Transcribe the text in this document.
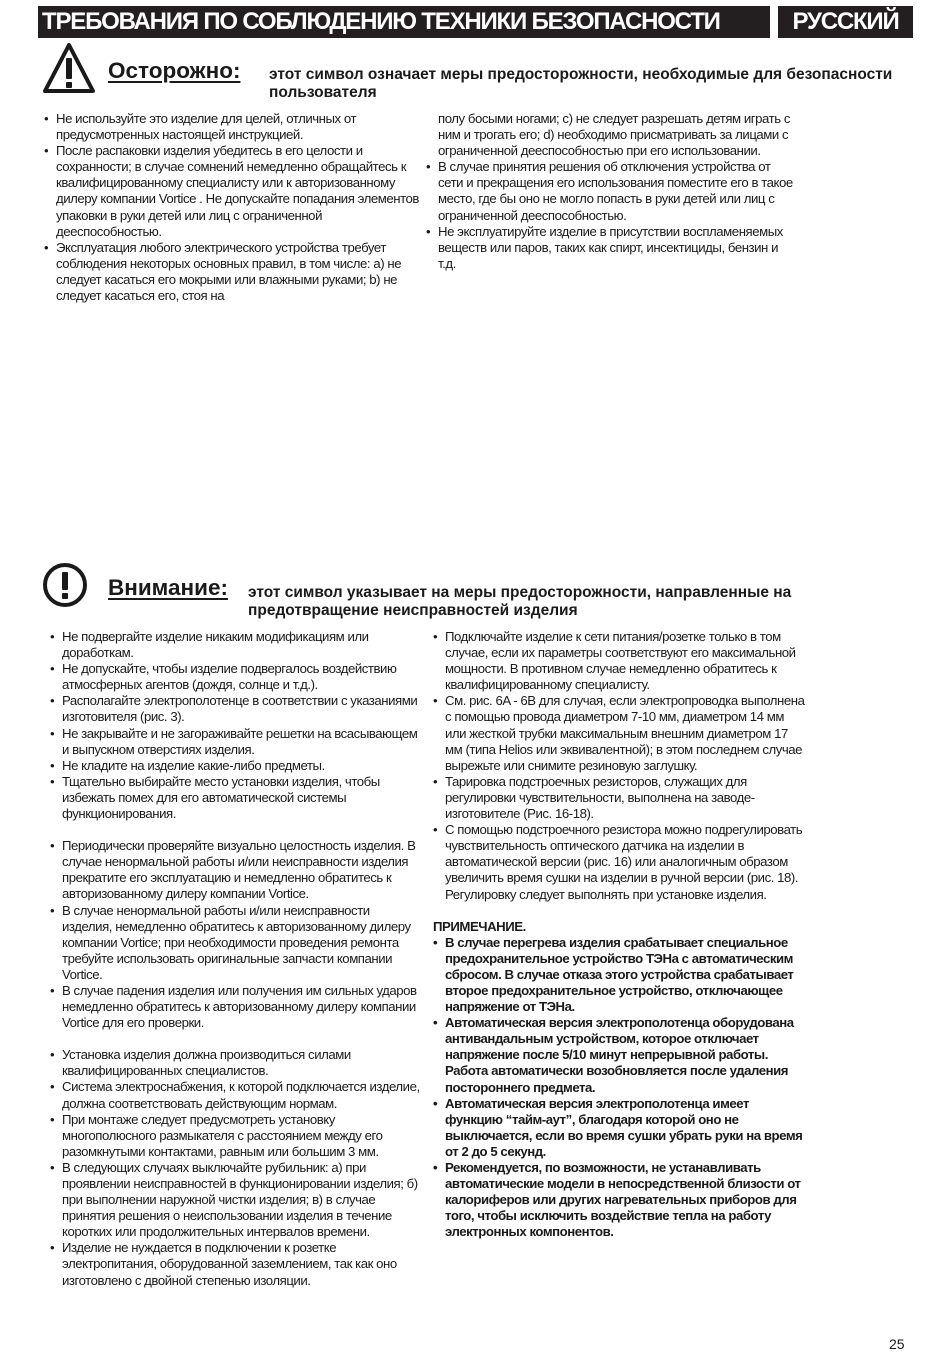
ТРЕБОВАНИЯ ПО СОБЛЮДЕНИЮ ТЕХНИКИ БЕЗОПАСНОСТИ	РУССКИЙ
Осторожно: этот символ означает меры предосторожности, необходимые для безопасности пользователя
• Не используйте это изделие для целей, отличных от предусмотренных настоящей инструкцией.
• После распаковки изделия убедитесь в его целости и сохранности; в случае сомнений немедленно обращайтесь к квалифицированному специалисту или к авторизованному дилеру компании Vortice . Не допускайте попадания элементов упаковки в руки детей или лиц с ограниченной дееспособностью.
• Эксплуатация любого электрического устройства требует соблюдения некоторых основных правил, в том числе: a) не следует касаться его мокрыми или влажными руками; b) не следует касаться его, стоя на
полу босыми ногами; c) не следует разрешать детям играть с ним и трогать его; d) необходимо присматривать за лицами с ограниченной дееспособностью при его использовании.
• В случае принятия решения об отключения устройства от сети и прекращения его использования поместите его в такое место, где бы оно не могло попасть в руки детей или лиц с ограниченной дееспособностью.
• Не эксплуатируйте изделие в присутствии воспламеняемых веществ или паров, таких как спирт, инсектициды, бензин и т.д.
Внимание: этот символ указывает на меры предосторожности, направленные на предотвращение неисправностей изделия
• Не подвергайте изделие никаким модификациям или доработкам.
• Не допускайте, чтобы изделие подвергалось воздействию атмосферных агентов (дождя, солнце и т.д.).
• Располагайте электрополотенце в соответствии с указаниями изготовителя (рис. 3).
• Не закрывайте и не загораживайте решетки на всасывающем и выпускном отверстиях изделия.
• Не кладите на изделие какие-либо предметы.
• Тщательно выбирайте место установки изделия, чтобы избежать помех для его автоматической системы функционирования.
• Периодически проверяйте визуально целостность изделия. В случае ненормальной работы и/или неисправности изделия прекратите его эксплуатацию и немедленно обратитесь к авторизованному дилеру компании Vortice.
• В случае ненормальной работы и/или неисправности изделия, немедленно обратитесь к авторизованному дилеру компании Vortice; при необходимости проведения ремонта требуйте использовать оригинальные запчасти компании Vortice.
• В случае падения изделия или получения им сильных ударов немедленно обратитесь к авторизованному дилеру компании Vortice для его проверки.
• Установка изделия должна производиться силами квалифицированных специалистов.
• Система электроснабжения, к которой подключается изделие, должна соответствовать действующим нормам.
• При монтаже следует предусмотреть установку многополюсного размыкателя с расстоянием между его разомкнутыми контактами, равным или большим 3 мм.
• В следующих случаях выключайте рубильник: a) при проявлении неисправностей в функционировании изделия; б) при выполнении наружной чистки изделия; в) в случае принятия решения о неиспользовании изделия в течение коротких или продолжительных интервалов времени.
• Изделие не нуждается в подключении к розетке электропитания, оборудованной заземлением, так как оно изготовлено с двойной степенью изоляции.
• Подключайте изделие к сети питания/розетке только в том случае, если их параметры соответствуют его максимальной мощности. В противном случае немедленно обратитесь к квалифицированному специалисту.
• См. рис. 6A - 6B для случая, если электропроводка выполнена с помощью провода диаметром 7-10 мм, диаметром 14 мм или жесткой трубки максимальным внешним диаметром 17 мм (типа Helios или эквивалентной); в этом последнем случае вырежьте или снимите резиновую заглушку.
• Тарировка подстроечных резисторов, служащих для регулировки чувствительности, выполнена на заводе-изготовителе (Рис. 16-18).
• С помощью подстроечного резистора можно подрегулировать чувствительность оптического датчика на изделии в автоматической версии (рис. 16) или аналогичным образом увеличить время сушки на изделии в ручной версии (рис. 18). Регулировку следует выполнять при установке изделия.
ПРИМЕЧАНИЕ.
• В случае перегрева изделия срабатывает специальное предохранительное устройство ТЭНа с автоматическим сбросом. В случае отказа этого устройства срабатывает второе предохранительное устройство, отключающее напряжение от ТЭНа.
• Автоматическая версия электрополотенца оборудована антивандальным устройством, которое отключает напряжение после 5/10 минут непрерывной работы. Работа автоматически возобновляется после удаления постороннего предмета.
• Автоматическая версия электрополотенца имеет функцию “тайм-аут”, благодаря которой оно не выключается, если во время сушки убрать руки на время от 2 до 5 секунд.
• Рекомендуется, по возможности, не устанавливать автоматические модели в непосредственной близости от калориферов или других нагревательных приборов для того, чтобы исключить воздействие тепла на работу электронных компонентов.
25
